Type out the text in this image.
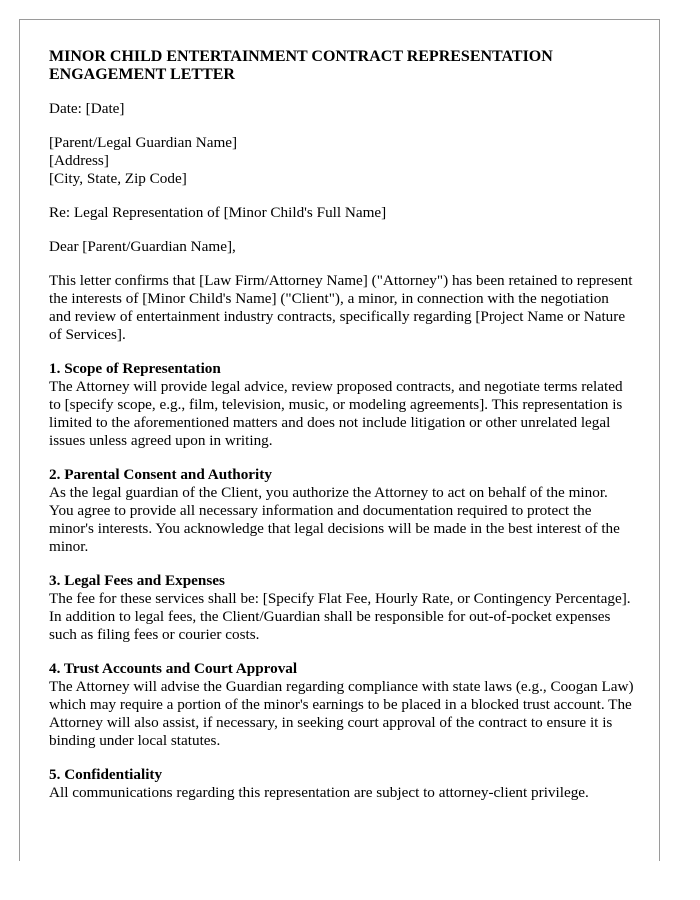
MINOR CHILD ENTERTAINMENT CONTRACT REPRESENTATION ENGAGEMENT LETTER

Date: [Date]

[Parent/Legal Guardian Name]
[Address]
[City, State, Zip Code]

Re: Legal Representation of [Minor Child's Full Name]

Dear [Parent/Guardian Name],

This letter confirms that [Law Firm/Attorney Name] ("Attorney") has been retained to represent the interests of [Minor Child's Name] ("Client"), a minor, in connection with the negotiation and review of entertainment industry contracts, specifically regarding [Project Name or Nature of Services].

1. Scope of Representation
The Attorney will provide legal advice, review proposed contracts, and negotiate terms related to [specify scope, e.g., film, television, music, or modeling agreements]. This representation is limited to the aforementioned matters and does not include litigation or other unrelated legal issues unless agreed upon in writing.
2. Parental Consent and Authority
As the legal guardian of the Client, you authorize the Attorney to act on behalf of the minor. You agree to provide all necessary information and documentation required to protect the minor's interests. You acknowledge that legal decisions will be made in the best interest of the minor.
3. Legal Fees and Expenses
The fee for these services shall be: [Specify Flat Fee, Hourly Rate, or Contingency Percentage]. In addition to legal fees, the Client/Guardian shall be responsible for out-of-pocket expenses such as filing fees or courier costs.
4. Trust Accounts and Court Approval
The Attorney will advise the Guardian regarding compliance with state laws (e.g., Coogan Law) which may require a portion of the minor's earnings to be placed in a blocked trust account. The Attorney will also assist, if necessary, in seeking court approval of the contract to ensure it is binding under local statutes.
5. Confidentiality
All communications regarding this representation are subject to attorney-client privilege.
